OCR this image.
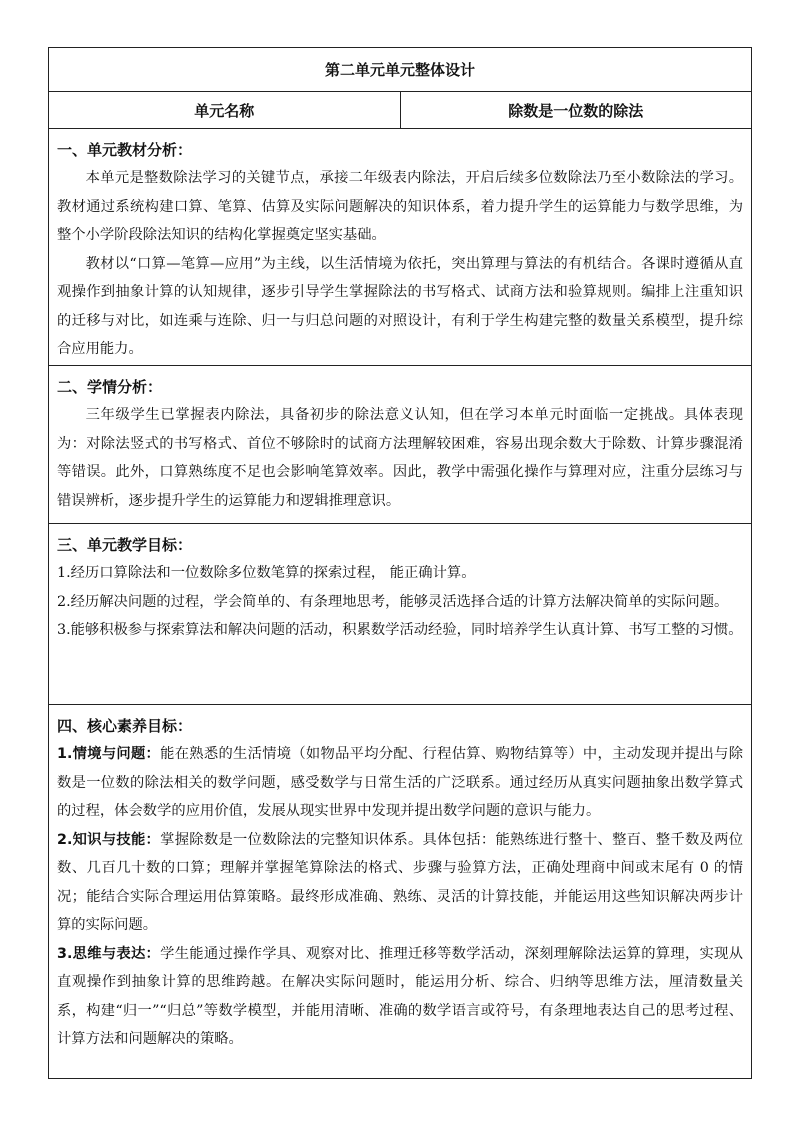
第二单元单元整体设计
单元名称	除数是一位数的除法
一、单元教材分析：

本单元是整数除法学习的关键节点，承接二年级表内除法，开启后续多位数除法乃至小数除法的学习。教材通过系统构建口算、笔算、估算及实际问题解决的知识体系，着力提升学生的运算能力与数学思维，为整个小学阶段除法知识的结构化掌握奠定坚实基础。

教材以“口算—笔算—应用”为主线，以生活情境为依托，突出算理与算法的有机结合。各课时遵循从直观操作到抽象计算的认知规律，逐步引导学生掌握除法的书写格式、试商方法和验算规则。编排上注重知识的迁移与对比，如连乘与连除、归一与归总问题的对照设计，有利于学生构建完整的数量关系模型，提升综合应用能力。

二、学情分析：

三年级学生已掌握表内除法，具备初步的除法意义认知，但在学习本单元时面临一定挑战。具体表现为：对除法竖式的书写格式、首位不够除时的试商方法理解较困难，容易出现余数大于除数、计算步骤混淆等错误。此外，口算熟练度不足也会影响笔算效率。因此，教学中需强化操作与算理对应，注重分层练习与错误辨析，逐步提升学生的运算能力和逻辑推理意识。

三、单元教学目标：

1.经历口算除法和一位数除多位数笔算的探索过程， 能正确计算。

2.经历解决问题的过程，学会简单的、有条理地思考，能够灵活选择合适的计算方法解决简单的实际问题。

3.能够积极参与探索算法和解决问题的活动，积累数学活动经验，同时培养学生认真计算、书写工整的习惯。

四、核心素养目标：

1.情境与问题：能在熟悉的生活情境（如物品平均分配、行程估算、购物结算等）中，主动发现并提出与除数是一位数的除法相关的数学问题，感受数学与日常生活的广泛联系。通过经历从真实问题抽象出数学算式的过程，体会数学的应用价值，发展从现实世界中发现并提出数学问题的意识与能力。

2.知识与技能：掌握除数是一位数除法的完整知识体系。具体包括：能熟练进行整十、整百、整千数及两位数、几百几十数的口算；理解并掌握笔算除法的格式、步骤与验算方法，正确处理商中间或末尾有 0 的情况；能结合实际合理运用估算策略。最终形成准确、熟练、灵活的计算技能，并能运用这些知识解决两步计算的实际问题。

3.思维与表达：学生能通过操作学具、观察对比、推理迁移等数学活动，深刻理解除法运算的算理，实现从直观操作到抽象计算的思维跨越。在解决实际问题时，能运用分析、综合、归纳等思维方法，厘清数量关系，构建“归一”“归总”等数学模型，并能用清晰、准确的数学语言或符号，有条理地表达自己的思考过程、计算方法和问题解决的策略。
